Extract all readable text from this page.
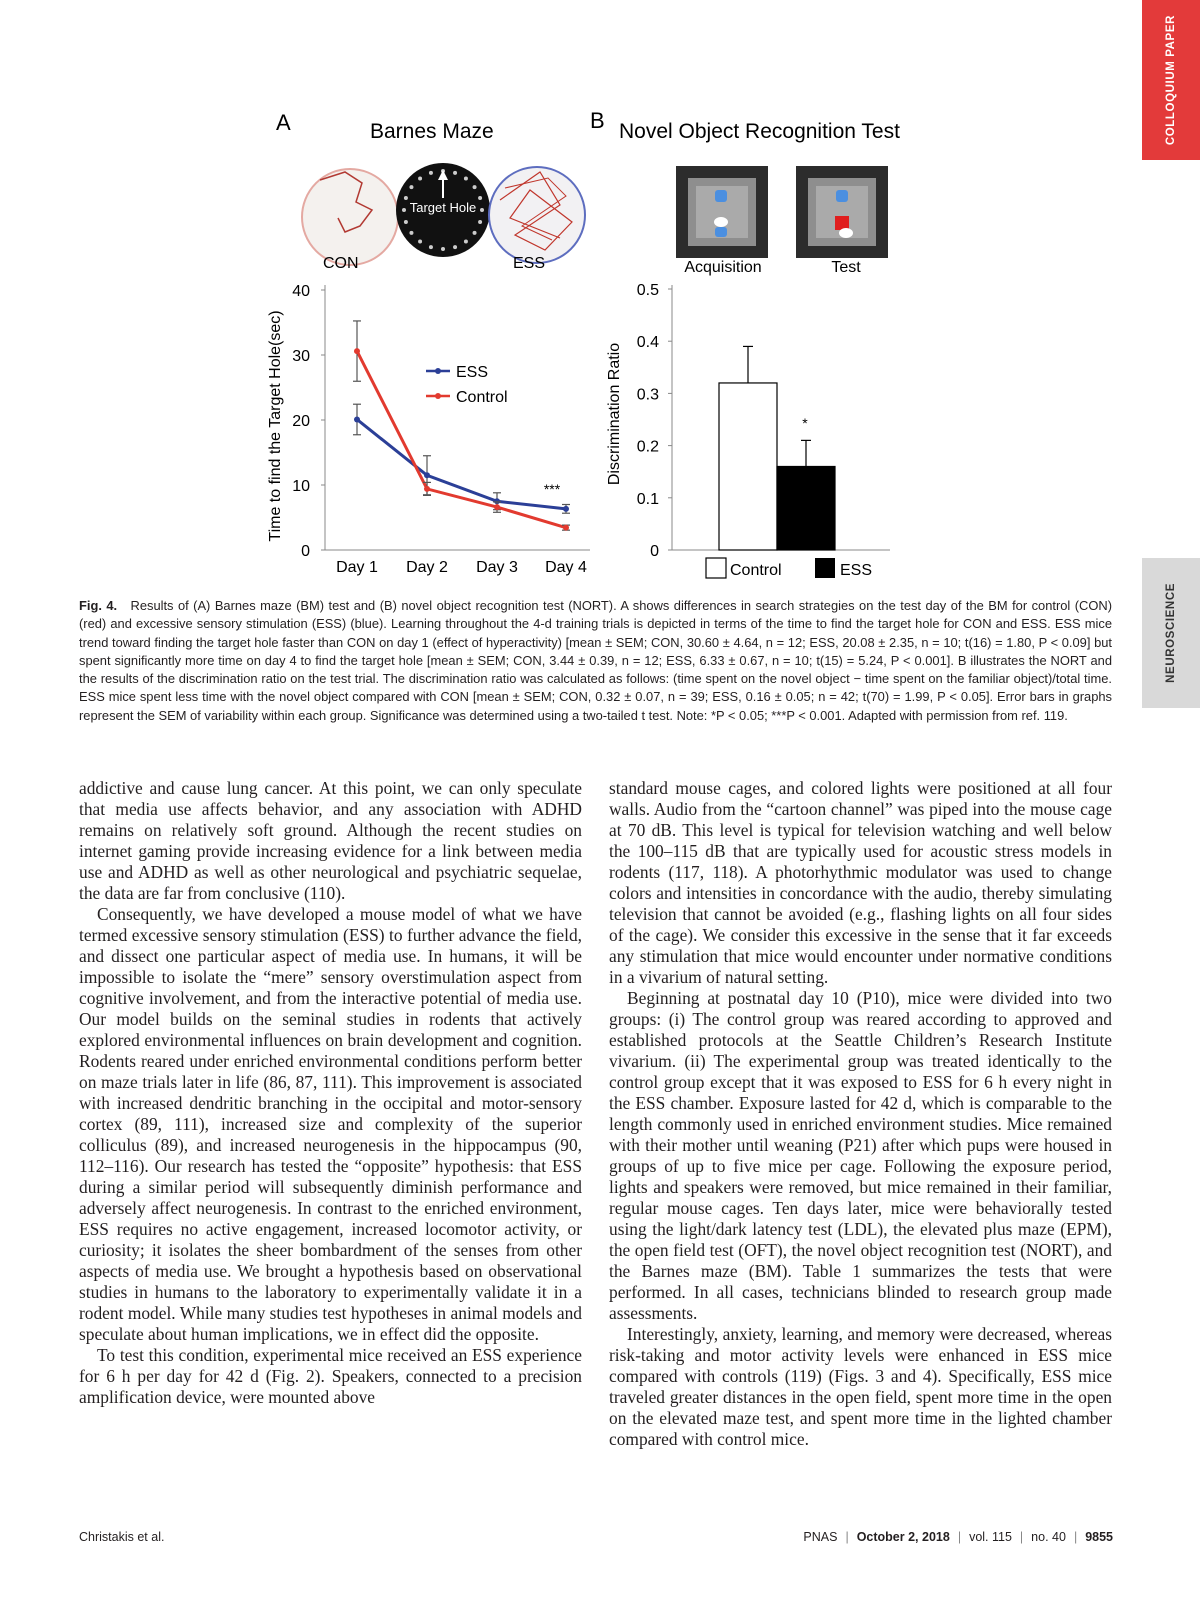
COLLOQUIUM PAPER
NEUROSCIENCE
A	Barnes Maze
Target Hole
CON	ESS
Time to find the Target Hole(sec)
0
10
20
30
40
Day 1 Day 2 Day 3 Day 4
ESS
Control
***
B Novel Object Recognition Test
Acquisition	Test
Discrimination Ratio
0
0.1
0.2
0.3
0.4
0.5
*
Control	ESS
Fig. 4. Results of (A) Barnes maze (BM) test and (B) novel object recognition test (NORT). A shows differences in search strategies on the test day of the BM for control (CON) (red) and excessive sensory stimulation (ESS) (blue). Learning throughout the 4-d training trials is depicted in terms of the time to find the target hole for CON and ESS. ESS mice trend toward finding the target hole faster than CON on day 1 (effect of hyperactivity) [mean ± SEM; CON, 30.60 ± 4.64, n = 12; ESS, 20.08 ± 2.35, n = 10; t(16) = 1.80, P < 0.09] but spent significantly more time on day 4 to find the target hole [mean ± SEM; CON, 3.44 ± 0.39, n = 12; ESS, 6.33 ± 0.67, n = 10; t(15) = 5.24, P < 0.001]. B illustrates the NORT and the results of the discrimination ratio on the test trial. The discrimination ratio was calculated as follows: (time spent on the novel object − time spent on the familiar object)/total time. ESS mice spent less time with the novel object compared with CON [mean ± SEM; CON, 0.32 ± 0.07, n = 39; ESS, 0.16 ± 0.05; n = 42; t(70) = 1.99, P < 0.05]. Error bars in graphs represent the SEM of variability within each group. Significance was determined using a two-tailed t test. Note: *P < 0.05; ***P < 0.001. Adapted with permission from ref. 119.

addictive and cause lung cancer. At this point, we can only speculate that media use affects behavior, and any association with ADHD remains on relatively soft ground. Although the recent studies on internet gaming provide increasing evidence for a link between media use and ADHD as well as other neurological and psychiatric sequelae, the data are far from conclusive (110).

Consequently, we have developed a mouse model of what we have termed excessive sensory stimulation (ESS) to further advance the field, and dissect one particular aspect of media use. In humans, it will be impossible to isolate the “mere” sensory overstimulation aspect from cognitive involvement, and from the interactive potential of media use. Our model builds on the seminal studies in rodents that actively explored environmental influences on brain development and cognition. Rodents reared under enriched environmental conditions perform better on maze trials later in life (86, 87, 111). This improvement is associated with increased dendritic branching in the occipital and motor-sensory cortex (89, 111), increased size and complexity of the superior colliculus (89), and increased neurogenesis in the hippocampus (90, 112–116). Our research has tested the “opposite” hypothesis: that ESS during a similar period will subsequently diminish performance and adversely affect neurogenesis. In contrast to the enriched environment, ESS requires no active engagement, increased locomotor activity, or curiosity; it isolates the sheer bombardment of the senses from other aspects of media use. We brought a hypothesis based on observational studies in humans to the laboratory to experimentally validate it in a rodent model. While many studies test hypotheses in animal models and speculate about human implications, we in effect did the opposite.

To test this condition, experimental mice received an ESS experience for 6 h per day for 42 d (Fig. 2). Speakers, connected to a precision amplification device, were mounted above

standard mouse cages, and colored lights were positioned at all four walls. Audio from the “cartoon channel” was piped into the mouse cage at 70 dB. This level is typical for television watching and well below the 100–115 dB that are typically used for acoustic stress models in rodents (117, 118). A photorhythmic modulator was used to change colors and intensities in concordance with the audio, thereby simulating television that cannot be avoided (e.g., flashing lights on all four sides of the cage). We consider this excessive in the sense that it far exceeds any stimulation that mice would encounter under normative conditions in a vivarium of natural setting.

Beginning at postnatal day 10 (P10), mice were divided into two groups: (i) The control group was reared according to approved and established protocols at the Seattle Children’s Research Institute vivarium. (ii) The experimental group was treated identically to the control group except that it was exposed to ESS for 6 h every night in the ESS chamber. Exposure lasted for 42 d, which is comparable to the length commonly used in enriched environment studies. Mice remained with their mother until weaning (P21) after which pups were housed in groups of up to five mice per cage. Following the exposure period, lights and speakers were removed, but mice remained in their familiar, regular mouse cages. Ten days later, mice were behaviorally tested using the light/dark latency test (LDL), the elevated plus maze (EPM), the open field test (OFT), the novel object recognition test (NORT), and the Barnes maze (BM). Table 1 summarizes the tests that were performed. In all cases, technicians blinded to research group made assessments.

Interestingly, anxiety, learning, and memory were decreased, whereas risk-taking and motor activity levels were enhanced in ESS mice compared with controls (119) (Figs. 3 and 4). Specifically, ESS mice traveled greater distances in the open field, spent more time in the open on the elevated maze test, and spent more time in the lighted chamber compared with control mice.

Christakis et al.	PNAS | October 2, 2018 | vol. 115 | no. 40 | 9855
